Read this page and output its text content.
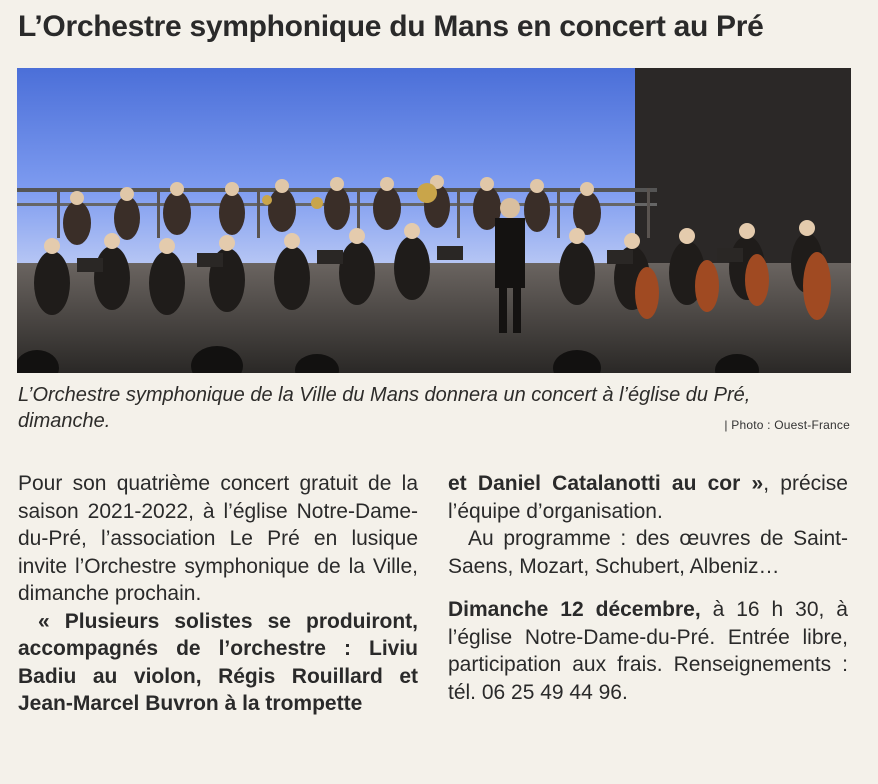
L’Orchestre symphonique du Mans en concert au Pré
L’Orchestre symphonique de la Ville du Mans donnera un concert à l’église du Pré, dimanche.	| Photo : Ouest-France

Pour son quatrième concert gratuit de la saison 2021-2022, à l’église Notre-Dame-du-Pré, l’association Le Pré en lusique invite l’Orchestre symphonique de la Ville, dimanche prochain.

« Plusieurs solistes se produiront, accompagnés de l’orchestre : Liviu Badiu au violon, Régis Rouillard et Jean-Marcel Buvron à la trompette

et Daniel Catalanotti au cor », précise l’équipe d’organisation.

Au programme : des œuvres de Saint-Saens, Mozart, Schubert, Albeniz…

Dimanche 12 décembre, à 16 h 30, à l’église Notre-Dame-du-Pré. Entrée libre, participation aux frais. Renseignements : tél. 06 25 49 44 96.
